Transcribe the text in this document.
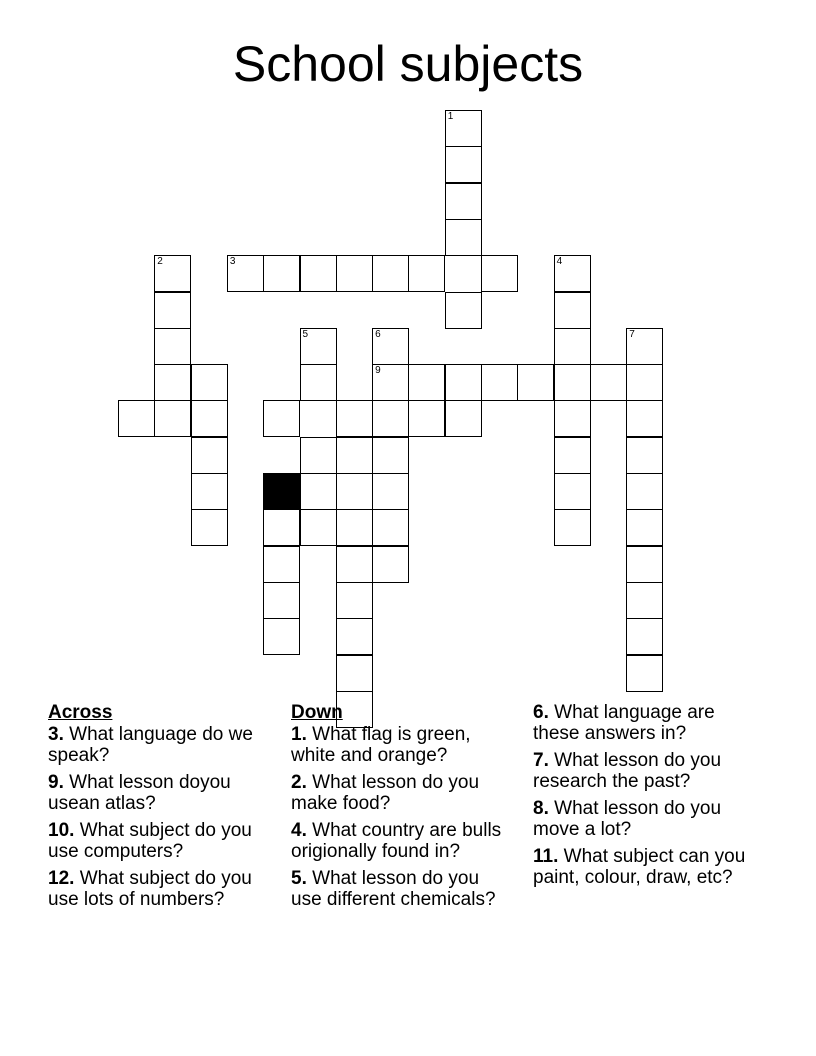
School subjects
1
2	3	4
5	6
9
7
Across
3. What language do we speak?
9. What lesson doyou usean atlas?
10. What subject do you use computers?
12. What subject do you use lots of numbers?
Down
1. What flag is green, white and orange?
2. What lesson do you make food?
4. What country are bulls origionally found in?
5. What lesson do you use different chemicals?
6. What language are these answers in?
7. What lesson do you research the past?
8. What lesson do you move a lot?
11. What subject can you paint, colour, draw, etc?
